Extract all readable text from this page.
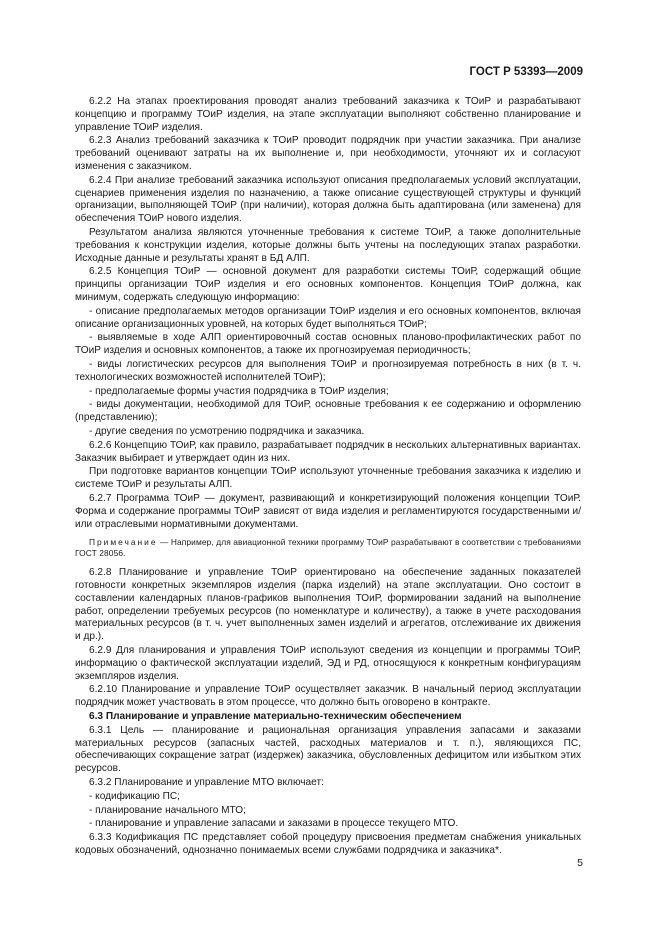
ГОСТ Р 53393—2009

6.2.2 На этапах проектирования проводят анализ требований заказчика к ТОиР и разрабатывают концепцию и программу ТОиР изделия, на этапе эксплуатации выполняют собственно планирование и управление ТОиР изделия.

6.2.3 Анализ требований заказчика к ТОиР проводит подрядчик при участии заказчика. При анализе требований оценивают затраты на их выполнение и, при необходимости, уточняют их и согласуют изменения с заказчиком.

6.2.4 При анализе требований заказчика используют описания предполагаемых условий эксплуатации, сценариев применения изделия по назначению, а также описание существующей структуры и функций организации, выполняющей ТОиР (при наличии), которая должна быть адаптирована (или заменена) для обеспечения ТОиР нового изделия.

Результатом анализа являются уточненные требования к системе ТОиР, а также дополнительные требования к конструкции изделия, которые должны быть учтены на последующих этапах разработки. Исходные данные и результаты хранят в БД АЛП.

6.2.5 Концепция ТОиР — основной документ для разработки системы ТОиР, содержащий общие принципы организации ТОиР изделия и его основных компонентов. Концепция ТОиР должна, как минимум, содержать следующую информацию:

- описание предполагаемых методов организации ТОиР изделия и его основных компонентов, включая описание организационных уровней, на которых будет выполняться ТОиР;

- выявляемые в ходе АЛП ориентировочный состав основных планово-профилактических работ по ТОиР изделия и основных компонентов, а также их прогнозируемая периодичность;

- виды логистических ресурсов для выполнения ТОиР и прогнозируемая потребность в них (в т. ч. технологических возможностей исполнителей ТОиР);

- предполагаемые формы участия подрядчика в ТОиР изделия;

- виды документации, необходимой для ТОиР, основные требования к ее содержанию и оформлению (представлению);

- другие сведения по усмотрению подрядчика и заказчика.

6.2.6 Концепцию ТОиР, как правило, разрабатывает подрядчик в нескольких альтернативных вариантах. Заказчик выбирает и утверждает один из них.

При подготовке вариантов концепции ТОиР используют уточненные требования заказчика к изделию и системе ТОиР и результаты АЛП.

6.2.7 Программа ТОиР — документ, развивающий и конкретизирующий положения концепции ТОиР. Форма и содержание программы ТОиР зависят от вида изделия и регламентируются государственными и/или отраслевыми нормативными документами.

Примечание — Например, для авиационной техники программу ТОиР разрабатывают в соответствии с требованиями ГОСТ 28056.

6.2.8 Планирование и управление ТОиР ориентировано на обеспечение заданных показателей готовности конкретных экземпляров изделия (парка изделий) на этапе эксплуатации. Оно состоит в составлении календарных планов-графиков выполнения ТОиР, формировании заданий на выполнение работ, определении требуемых ресурсов (по номенклатуре и количеству), а также в учете расходования материальных ресурсов (в т. ч. учет выполненных замен изделий и агрегатов, отслеживание их движения и др.).

6.2.9 Для планирования и управления ТОиР используют сведения из концепции и программы ТОиР, информацию о фактической эксплуатации изделий, ЭД и РД, относящуюся к конкретным конфигурациям экземпляров изделия.

6.2.10 Планирование и управление ТОиР осуществляет заказчик. В начальный период эксплуатации подрядчик может участвовать в этом процессе, что должно быть оговорено в контракте.

6.3 Планирование и управление материально-техническим обеспечением

6.3.1 Цель — планирование и рациональная организация управления запасами и заказами материальных ресурсов (запасных частей, расходных материалов и т. п.), являющихся ПС, обеспечивающих сокращение затрат (издержек) заказчика, обусловленных дефицитом или избытком этих ресурсов.

6.3.2 Планирование и управление МТО включает:

- кодификацию ПС;

- планирование начального МТО;

- планирование и управление запасами и заказами в процессе текущего МТО.

6.3.3 Кодификация ПС представляет собой процедуру присвоения предметам снабжения уникальных кодовых обозначений, однозначно понимаемых всеми службами подрядчика и заказчика*.

5
